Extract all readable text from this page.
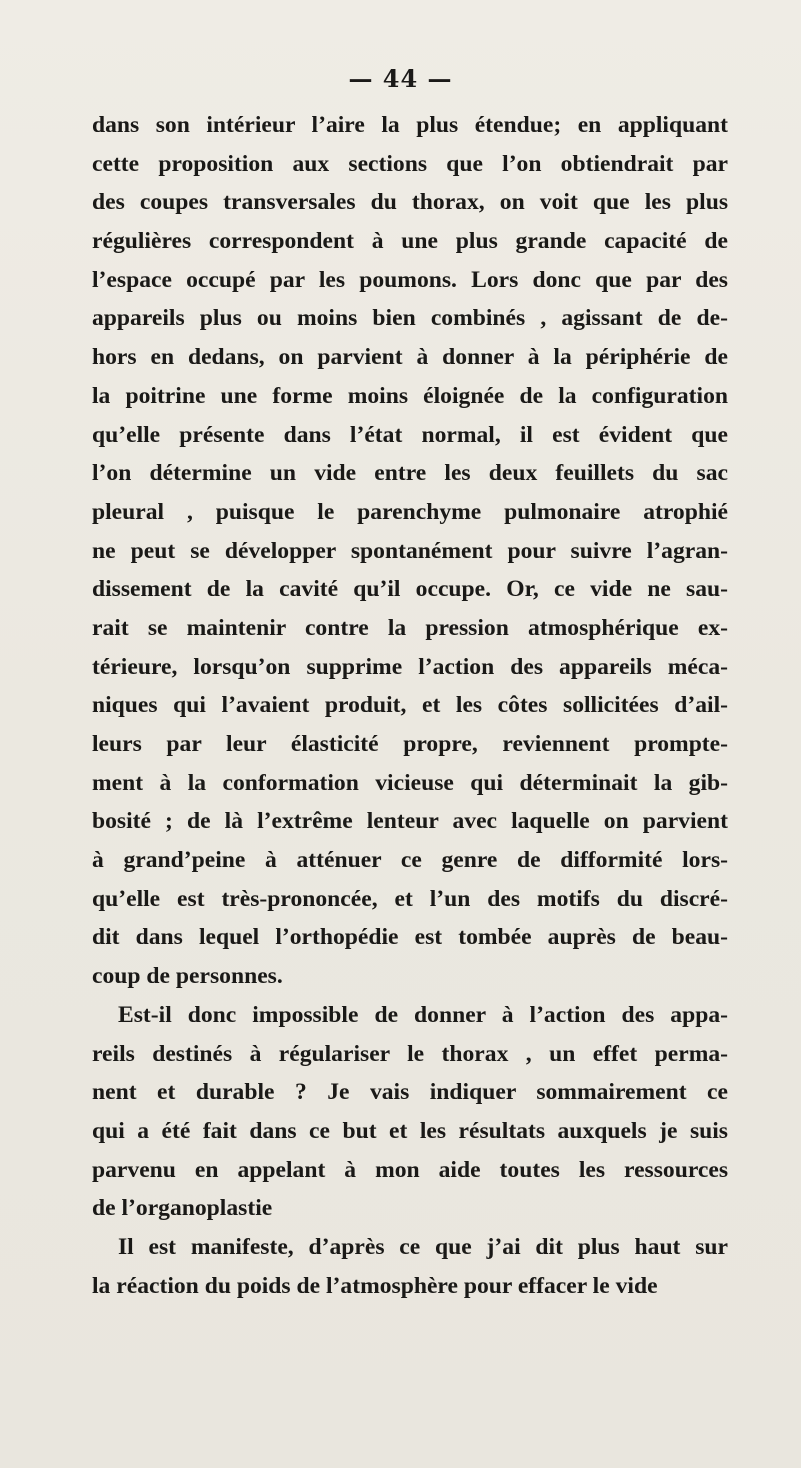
— 44 —
dans son intérieur l’aire la plus étendue; en appliquant
cette proposition aux sections que l’on obtiendrait par
des coupes transversales du thorax, on voit que les plus
régulières correspondent à une plus grande capacité de
l’espace occupé par les poumons. Lors donc que par des
appareils plus ou moins bien combinés , agissant de de-
hors en dedans, on parvient à donner à la périphérie de
la poitrine une forme moins éloignée de la configuration
qu’elle présente dans l’état normal, il est évident que
l’on détermine un vide entre les deux feuillets du sac
pleural , puisque le parenchyme pulmonaire atrophié
ne peut se développer spontanément pour suivre l’agran-
dissement de la cavité qu’il occupe. Or, ce vide ne sau-
rait se maintenir contre la pression atmosphérique ex-
térieure, lorsqu’on supprime l’action des appareils méca-
niques qui l’avaient produit, et les côtes sollicitées d’ail-
leurs par leur élasticité propre, reviennent prompte-
ment à la conformation vicieuse qui déterminait la gib-
bosité ; de là l’extrême lenteur avec laquelle on parvient
à grand’peine à atténuer ce genre de difformité lors-
qu’elle est très-prononcée, et l’un des motifs du discré-
dit dans lequel l’orthopédie est tombée auprès de beau-
coup de personnes.
Est-il donc impossible de donner à l’action des appa-
reils destinés à régulariser le thorax , un effet perma-
nent et durable ? Je vais indiquer sommairement ce
qui a été fait dans ce but et les résultats auxquels je suis
parvenu en appelant à mon aide toutes les ressources
de l’organoplastie
Il est manifeste, d’après ce que j’ai dit plus haut sur
la réaction du poids de l’atmosphère pour effacer le vide
